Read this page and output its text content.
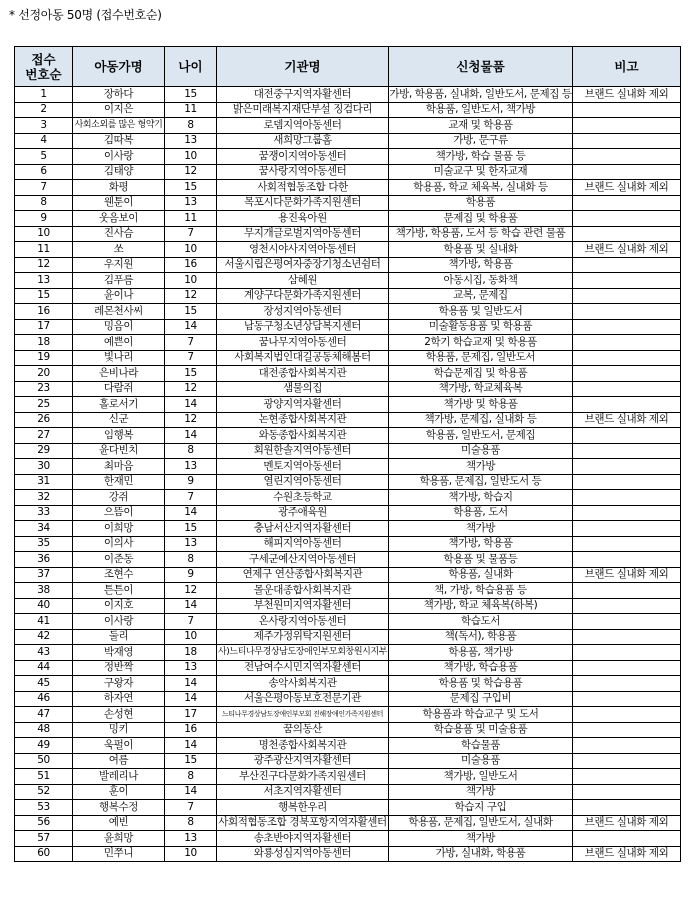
* 선정아동 50명 (접수번호순)
접수
번호순	아동가명	나이	기관명	신청물품	비고
1	장하다	15	대전중구지역자활센터	가방, 학용품, 실내화, 일반도서, 문제집 등	브랜드 실내화 제외
2	이지은	11	밝은미래복지재단부설 징검다리	학용품, 일반도서, 책가방	
3	사회소외를 많은 형약기	8	로뎀지역아동센터	교재 및 학용품	
4	김따복	13	새희망그룹홈	가방, 문구류	
5	이사랑	10	꿈쟁이지역아동센터	책가방, 학습 물품 등	
6	김태양	12	꿈사랑지역아동센터	미술교구 및 한자교재	
7	화평	15	사회적협동조합 다한	학용품, 학교 체육복, 실내화 등	브랜드 실내화 제외
8	웬툰이	13	목포시다문화가족지원센터	학용품	
9	웃음보이	11	용진육아원	문제집 및 학용품	
10	진사슴	7	무지개글로벌지역아동센터	책가방, 학용품, 도서 등 학습 관련 물품	
11	쏘	10	영천시야사지역아동센터	학용품 및 실내화	브랜드 실내화 제외
12	우지원	16	서울시립은평여자중장기청소년쉼터	책가방, 학용품	
13	김푸름	10	삼혜원	아동시집, 동화책	
15	윤이나	12	계양구다문화가족지원센터	교복, 문제집	
16	레몬천사씨	15	장성지역아동센터	학용품 및 일반도서	
17	밍음이	14	남동구청소년상담복지센터	미술활동용품 및 학용품	
18	예쁜이	7	꿈나무지역아동센터	2학기 학습교재 및 학용품	
19	빛나리	7	사회복지법인대길공동체해봄터	학용품, 문제집, 일반도서	
20	은비나라	15	대전종합사회복지관	학습문제집 및 학용품	
23	다람쥐	12	샘물의집	책가방, 학교체육복	
25	홀로서기	14	광양지역자활센터	책가방 및 학용품	
26	신군	12	논현종합사회복지관	책가방, 문제집, 실내화 등	브랜드 실내화 제외
27	임행복	14	와동종합사회복지관	학용품, 일반도서, 문제집	
29	윤다빈치	8	회원한솔지역아동센터	미술용품	
30	최마음	13	멘토지역아동센터	책가방	
31	한재민	9	열린지역아동센터	학용품, 문제집, 일반도서 등	
32	강쥐	7	수원초등학교	책가방, 학습지	
33	으뜸이	14	광주애육원	학용품, 도서	
34	이희망	15	충남서산지역자활센터	책가방	
35	이의사	13	해피지역아동센터	책가방, 학용품	
36	이준동	8	구세군예산지역아동센터	학용품 및 물품등	
37	조현수	9	연제구 연산종합사회복지관	학용품, 실내화	브랜드 실내화 제외
38	튼튼이	12	몰운대종합사회복지관	책, 가방, 학습용품 등	
40	이지호	14	부천원미지역자활센터	책가방, 학교 체육복(하복)	
41	이사랑	7	온사랑지역아동센터	학습도서	
42	둘리	10	제주가정위탁지원센터	책(독서), 학용품	
43	박재영	18	사)느티나무경상남도장애인부모회창원시지부	학용품, 책가방	
44	정반짝	13	전남여수시민지역자활센터	책가방, 학습용품	
45	구왕자	14	송악사회복지관	학용품 및 학습용품	
46	하자연	14	서울은평아동보호전문기관	문제집 구입비	
47	손성현	17	느티나무경상남도장애인부모회 진해장애인가족지원센터	학용품과 학습교구 및 도서	
48	밍키	16	꿈의동산	학습용품 및 미술용품	
49	욱펄이	14	명천종합사회복지관	학습물품	
50	여름	15	광주광산지역자활센터	미술용품	
51	발레리나	8	부산진구다문화가족지원센터	책가방, 일반도서	
52	훈이	14	서초지역자활센터	책가방	
53	행복수정	7	행복한우리	학습지 구입	
56	예빈	8	사회적협동조합 경북포항지역자활센터	학용품, 문제집, 일반도서, 실내화	브랜드 실내화 제외
57	윤희망	13	송초반야지역자활센터	책가방	
60	민쭈니	10	와룡성심지역아동센터	가방, 실내화, 학용품	브랜드 실내화 제외
